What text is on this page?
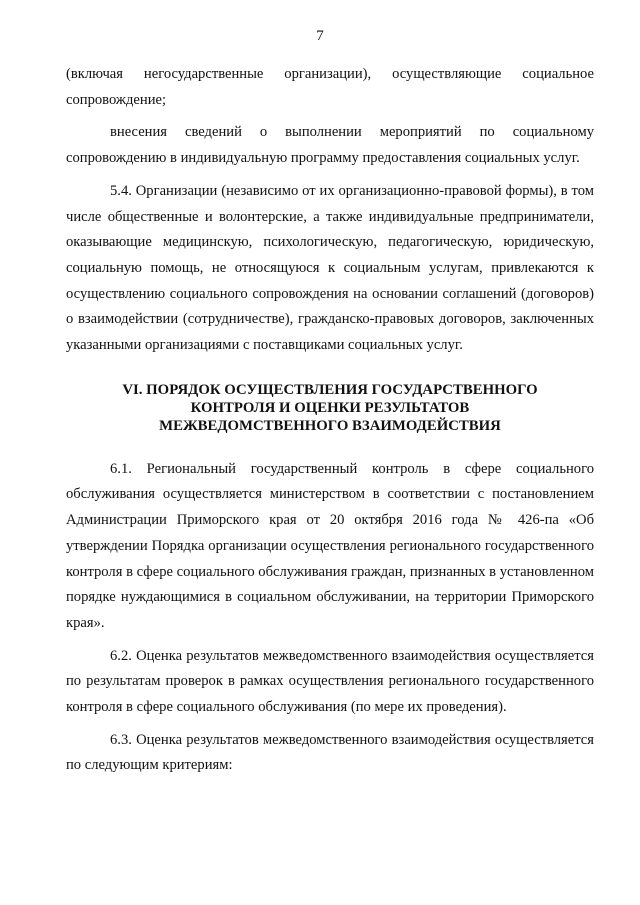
7

(включая негосударственные организации), осуществляющие социальное сопровождение;

внесения сведений о выполнении мероприятий по социальному сопровождению в индивидуальную программу предоставления социальных услуг.

5.4. Организации (независимо от их организационно-правовой формы), в том числе общественные и волонтерские, а также индивидуальные предприниматели, оказывающие медицинскую, психологическую, педагогическую, юридическую, социальную помощь, не относящуюся к социальным услугам, привлекаются к осуществлению социального сопровождения на основании соглашений (договоров) о взаимодействии (сотрудничестве), гражданско-правовых договоров, заключенных указанными организациями с поставщиками социальных услуг.

VI. ПОРЯДОК ОСУЩЕСТВЛЕНИЯ ГОСУДАРСТВЕННОГО
КОНТРОЛЯ И ОЦЕНКИ РЕЗУЛЬТАТОВ
МЕЖВЕДОМСТВЕННОГО ВЗАИМОДЕЙСТВИЯ

6.1. Региональный государственный контроль в сфере социального обслуживания осуществляется министерством в соответствии с постановлением Администрации Приморского края от 20 октября 2016 года № 426-па «Об утверждении Порядка организации осуществления регионального государственного контроля в сфере социального обслуживания граждан, признанных в установленном порядке нуждающимися в социальном обслуживании, на территории Приморского края».

6.2. Оценка результатов межведомственного взаимодействия осуществляется по результатам проверок в рамках осуществления регионального государственного контроля в сфере социального обслуживания (по мере их проведения).

6.3. Оценка результатов межведомственного взаимодействия осуществляется по следующим критериям:
